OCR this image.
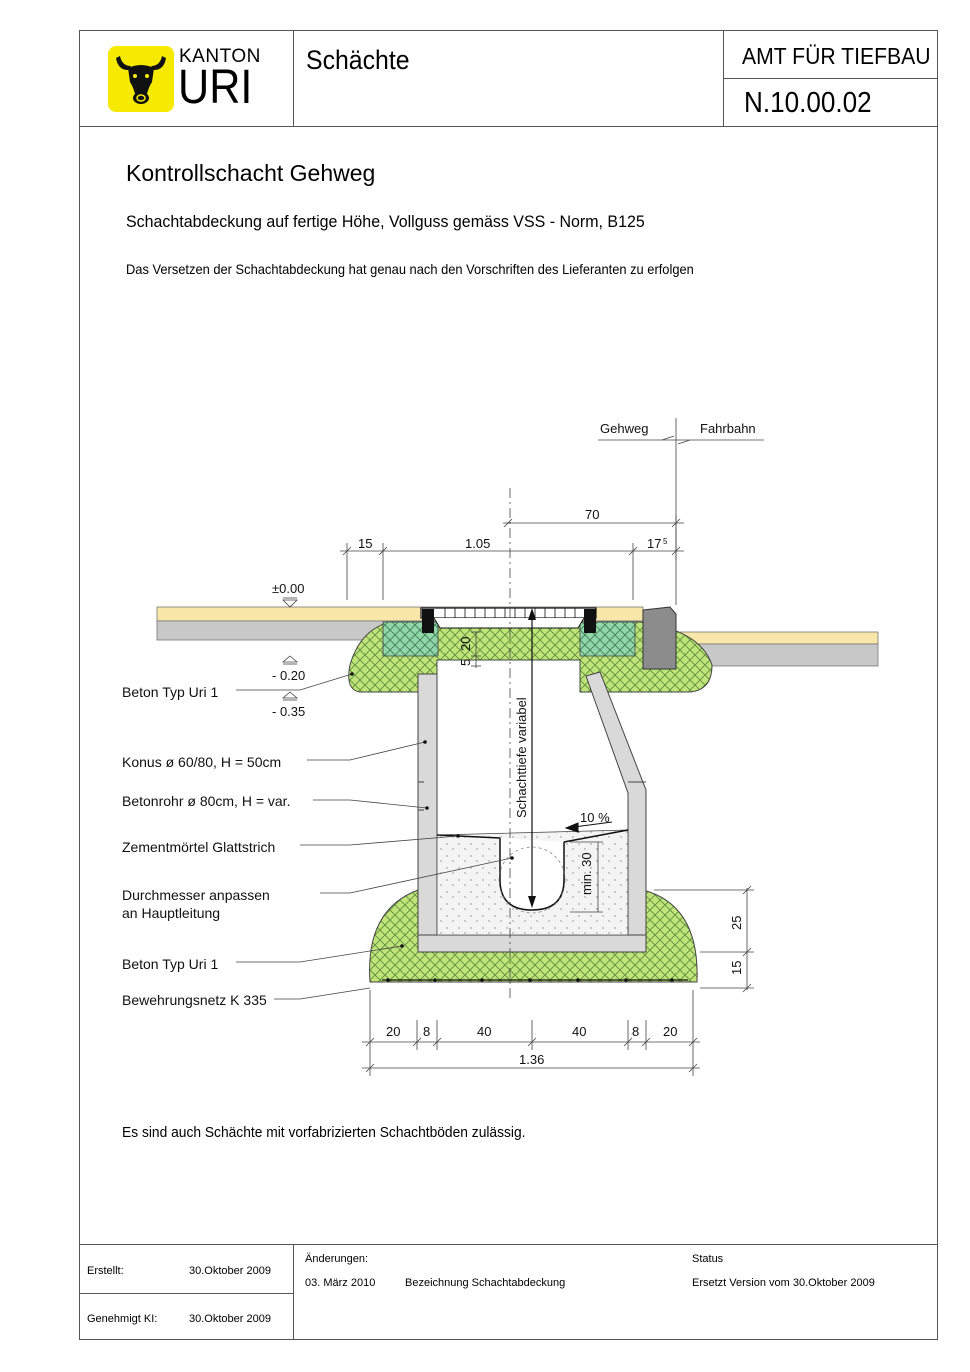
KANTON
URI
Schächte	AMT FÜR TIEFBAU
N.10.00.02
Kontrollschacht Gehweg
Schachtabdeckung auf fertige Höhe, Vollguss gemäss VSS - Norm, B125
Das Versetzen der Schachtabdeckung hat genau nach den Vorschriften des Lieferanten zu erfolgen
Es sind auch Schächte mit vorfabrizierten Schachtböden zulässig.
Gehweg	Fahrbahn
70
15	1.05	17 5
±0.00
- 0.20
- 0.35
5
20
Schachttiefe variabel	10 %
min. 30
25
15
20 8	40	40	8 20
1.36
Beton Typ Uri 1
Konus ø 60/80, H = 50cm
Betonrohr ø 80cm, H = var.
Zementmörtel Glattstrich
Durchmesser anpassen
an Hauptleitung
Beton Typ Uri 1
Bewehrungsnetz K 335
Erstellt:	30.Oktober 2009
Genehmigt KI:	30.Oktober 2009
Änderungen:
03. März 2010	Bezeichnung Schachtabdeckung
Status
Ersetzt Version vom 30.Oktober 2009
